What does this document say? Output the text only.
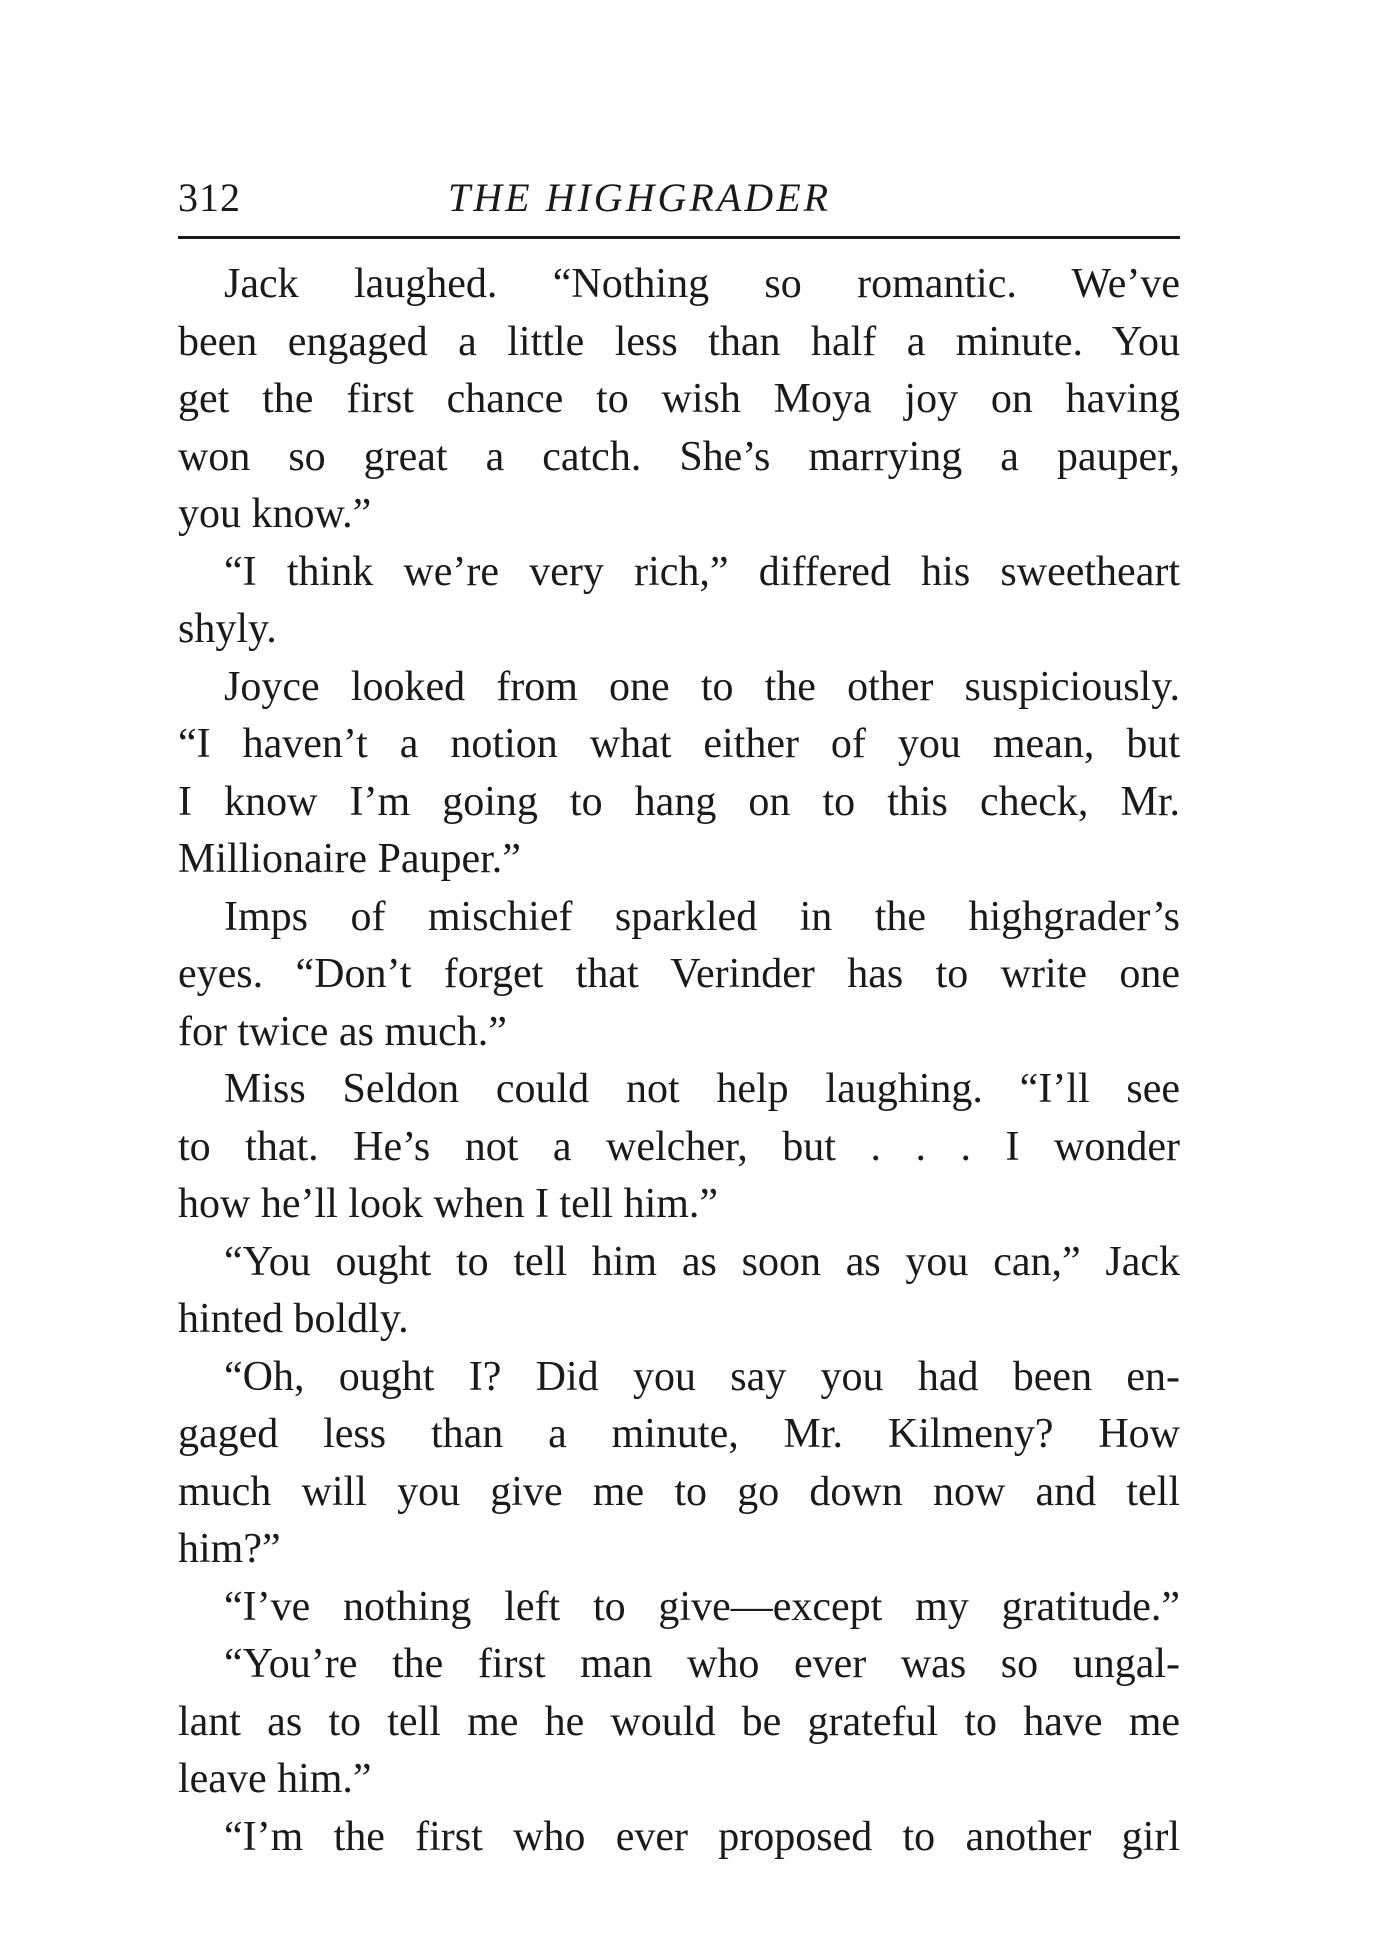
312	THE HIGHGRADER
Jack laughed. “Nothing so romantic. We’ve
been engaged a little less than half a minute. You
get the first chance to wish Moya joy on having
won so great a catch. She’s marrying a pauper,
you know.”
“I think we’re very rich,” differed his sweetheart
shyly.
Joyce looked from one to the other suspiciously.
“I haven’t a notion what either of you mean, but
I know I’m going to hang on to this check, Mr.
Millionaire Pauper.”
Imps of mischief sparkled in the highgrader’s
eyes. “Don’t forget that Verinder has to write one
for twice as much.”
Miss Seldon could not help laughing. “I’ll see
to that. He’s not a welcher, but . . . I wonder
how he’ll look when I tell him.”
“You ought to tell him as soon as you can,” Jack
hinted boldly.
“Oh, ought I? Did you say you had been en-
gaged less than a minute, Mr. Kilmeny? How
much will you give me to go down now and tell
him?”
“I’ve nothing left to give—except my gratitude.”
“You’re the first man who ever was so ungal-
lant as to tell me he would be grateful to have me
leave him.”
“I’m the first who ever proposed to another girl
